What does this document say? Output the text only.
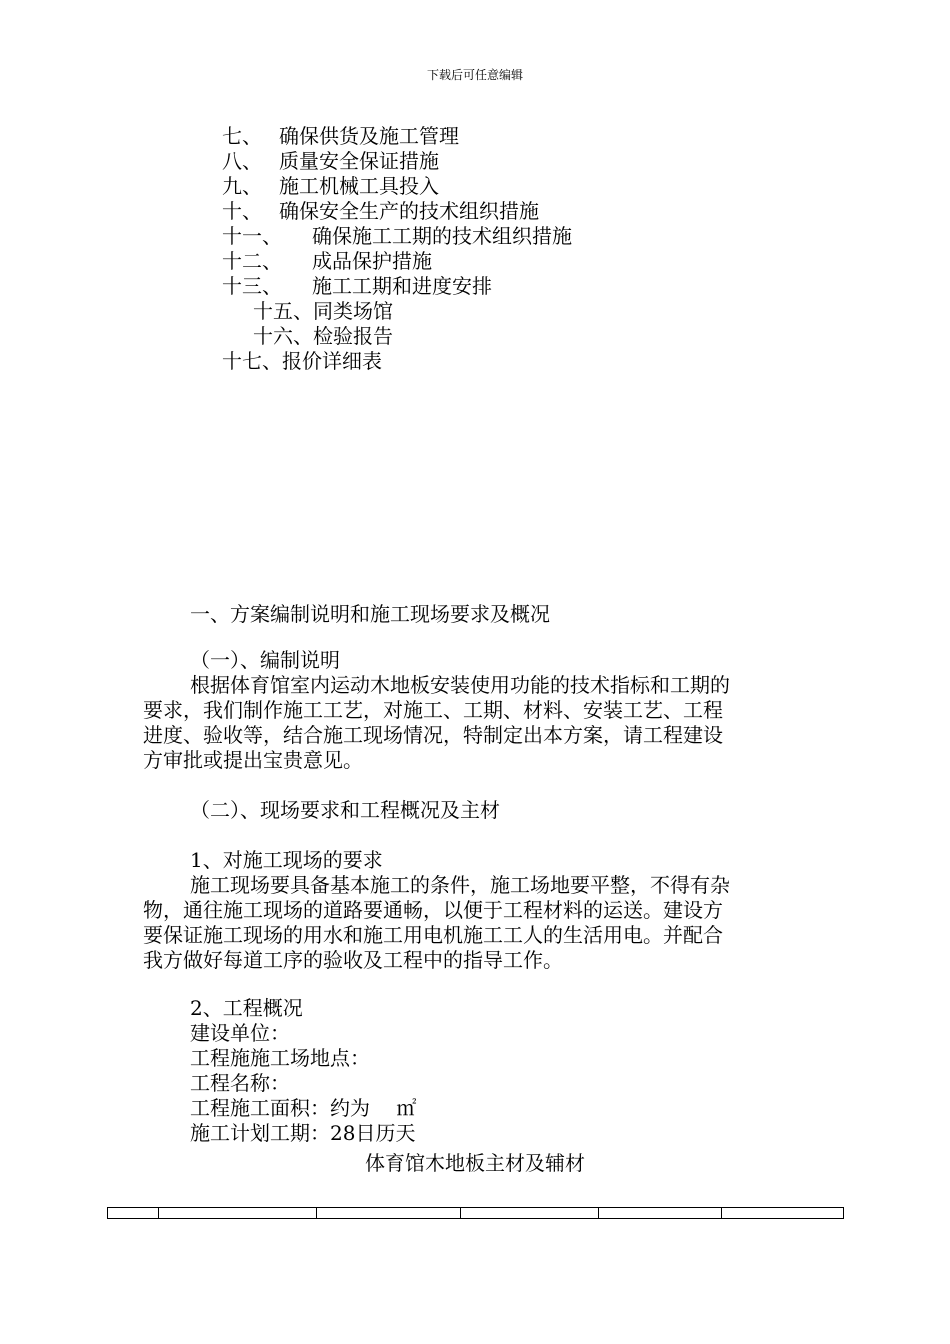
下载后可任意编辑
七、 确保供货及施工管理
八、 质量安全保证措施
九、 施工机械工具投入
十、 确保安全生产的技术组织措施
十一、 确保施工工期的技术组织措施
十二、 成品保护措施
十三、 施工工期和进度安排
十五、同类场馆
十六、检验报告
十七、报价详细表
一、方案编制说明和施工现场要求及概况
（一）、编制说明
根据体育馆室内运动木地板安装使用功能的技术指标和工期的
要求，我们制作施工工艺，对施工、工期、材料、安装工艺、工程
进度、验收等，结合施工现场情况，特制定出本方案，请工程建设
方审批或提出宝贵意见。
（二）、现场要求和工程概况及主材
1、对施工现场的要求
施工现场要具备基本施工的条件，施工场地要平整，不得有杂
物，通往施工现场的道路要通畅，以便于工程材料的运送。建设方
要保证施工现场的用水和施工用电机施工工人的生活用电。并配合
我方做好每道工序的验收及工程中的指导工作。
2、工程概况
建设单位：
工程施施工场地点：
工程名称：
工程施工面积：约为  ㎡
施工计划工期：28日历天
体育馆木地板主材及辅材
